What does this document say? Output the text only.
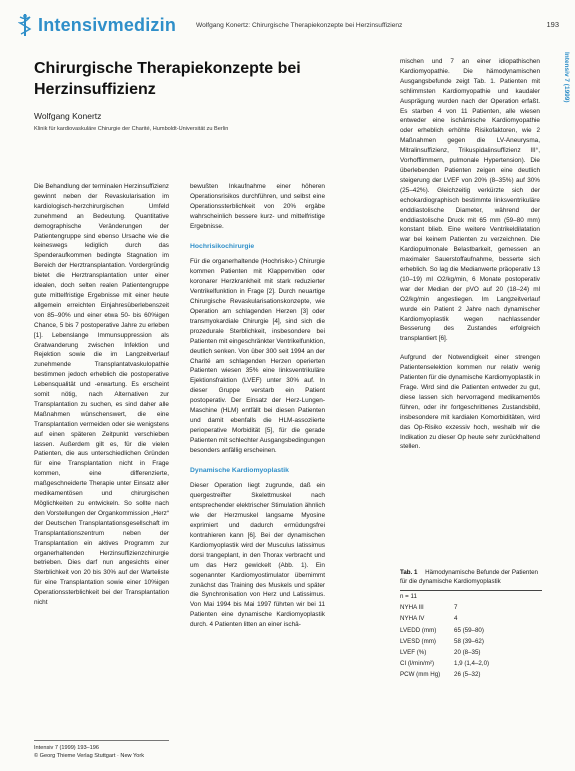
Intensivmedizin	Wolfgang Konertz: Chirurgische Therapiekonzepte bei Herzinsuffizienz	193
Intensiv 7 (1999)
Chirurgische Therapiekonzepte bei Herzinsuffizienz
Wolfgang Konertz
Klinik für kardiovaskuläre Chirurgie der Charité, Humboldt-Universität zu Berlin

Die Behandlung der terminalen Herzinsuffizienz gewinnt neben der Revaskularisation im kardiologisch-herzchirurgischen Umfeld zunehmend an Bedeutung. Quantitative demographische Veränderungen der Patientengruppe sind ebenso Ursache wie die keineswegs lediglich durch das Spenderaufkommen bedingte Stagnation im Bereich der Herztransplantation. Vordergründig bietet die Herztransplantation unter einer idealen, doch selten realen Patientengruppe gute mittelfristige Ergebnisse mit einer heute allgemein erreichten Einjahresüberlebenszeit von 85–90% und einer etwa 50- bis 60%igen Chance, 5 bis 7 postoperative Jahre zu erleben [1]. Lebenslange Immunsuppression als Gratwanderung zwischen Infektion und Rejektion sowie die im Langzeitverlauf zunehmende Transplantatvaskulopathie bestimmen jedoch erheblich die postoperative Lebensqualität und -erwartung. Es erscheint somit nötig, nach Alternativen zur Transplantation zu suchen, es sind daher alle Maßnahmen wünschenswert, die eine Transplantation vermeiden oder sie wenigstens auf einen späteren Zeitpunkt verschieben lassen. Außerdem gilt es, für die vielen Patienten, die aus unterschiedlichen Gründen für eine Transplantation nicht in Frage kommen, eine differenzierte, maßgeschneiderte Therapie unter Einsatz aller medikamentösen und chirurgischen Möglichkeiten zu entwickeln. So sollte nach den Vorstellungen der Organkommission „Herz“ der Deutschen Transplantationsgesellschaft im Transplantationszentrum neben der Transplantation ein aktives Programm zur organerhaltenden Herzinsuffizienzchirurgie betrieben. Dies darf nun angesichts einer Sterblichkeit von 20 bis 30% auf der Warteliste für eine Transplantation sowie einer 10%igen Operationssterblichkeit bei der Transplantation nicht

Intensiv 7 (1999) 193–196
© Georg Thieme Verlag Stuttgart · New York

bewußten Inkaufnahme einer höheren Operationsrisikos durchführen, und selbst eine Operationssterblichkeit von 20% ergäbe wahrscheinlich bessere kurz- und mittelfristige Ergebnisse.

Hochrisikochirurgie

Für die organerhaltende (Hochrisiko-) Chirurgie kommen Patienten mit Klappenvitien oder koronarer Herzkrankheit mit stark reduzierter Ventrikelfunktion in Frage [2]. Durch neuartige Chirurgische Revaskularisationskonzepte, wie Operation am schlagenden Herzen [3] oder transmyokardiale Chirurgie [4], sind sich die prozedurale Sterblichkeit, insbesondere bei Patienten mit eingeschränkter Ventrikelfunktion, deutlich senken. Von über 300 seit 1994 an der Charité am schlagenden Herzen operierten Patienten wiesen 35% eine linksventrikuläre Ejektionsfraktion (LVEF) unter 30% auf. In dieser Gruppe verstarb ein Patient postoperativ. Der Einsatz der Herz-Lungen-Maschine (HLM) entfällt bei diesen Patienten und damit ebenfalls die HLM-assoziierte perioperative Morbidität [5], für die gerade Patienten mit schlechter Ausgangsbedingungen besonders anfällig erscheinen.

Dynamische Kardiomyoplastik

Dieser Operation liegt zugrunde, daß ein quergestreifter Skelettmuskel nach entsprechender elektrischer Stimulation ähnlich wie der Herzmuskel langsame Myosine exprimiert und dadurch ermüdungsfrei kontrahieren kann [6]. Bei der dynamischen Kardiomyoplastik wird der Musculus latissimus dorsi trangeplant, in den Thorax verbracht und um das Herz gewickelt (Abb. 1). Ein sogenannter Kardiomyostimulator übernimmt zunächst das Training des Muskels und später die Synchronisation von Herz und Latissimus. Von Mai 1994 bis Mai 1997 führten wir bei 11 Patienten eine dynamische Kardiomyoplastik durch. 4 Patienten litten an einer ischä-

mischen und 7 an einer idiopathischen Kardiomyopathie. Die hämodynamischen Ausgangsbefunde zeigt Tab. 1. Patienten mit schlimmsten Kardiomyopathie und kaudaler Ausprägung wurden nach der Operation erfaßt. Es starben 4 von 11 Patienten, alle wiesen entweder eine ischämische Kardiomyopathie oder erheblich erhöhte Risikofaktoren, wie 2 Maßnahmen gegen die LV-Aneurysma, Mitralinsuffizienz, Trikuspidalinsuffizienz III°, Vorhofflimmern, pulmonale Hypertension). Die überlebenden Patienten zeigen eine deutlich steigerung der LVEF von 20% (8–35%) auf 30% (25–42%). Gleichzeitig verkürzte sich der echokardiographisch bestimmte linksventrikuläre enddiastolische Diameter, während der enddiastolische Druck mit 65 mm (59–80 mm) konstant blieb. Eine weitere Ventrikeldilatation war bei keinem Patienten zu verzeichnen. Die Kardiopulmonale Belastbarkeit, gemessen an maximaler Sauerstoffaufnahme, besserte sich erheblich. So lag die Medianwerte präoperativ 13 (10–19) ml O2/kg/min, 6 Monate postoperativ war der Median der pVO auf 20 (18–24) ml O2/kg/min angestiegen. Im Langzeitverlauf wurde ein Patient 2 Jahre nach dynamischer Kardiomyoplastik wegen nachlassender Besserung des Zustandes erfolgreich transplantiert [6].

Aufgrund der Notwendigkeit einer strengen Patientenselektion kommen nur relativ wenig Patienten für die dynamische Kardiomyoplastik in Frage. Wird sind die Patienten entweder zu gut, diese lassen sich hervorragend medikamentös führen, oder ihr fortgeschrittenes Zustandsbild, insbesondere mit kardialen Komorbiditäten, wird das Op-Risiko exzessiv hoch, weshalb wir die Indikation zu dieser Op heute sehr zurückhaltend stellen.

Tab. 1 Hämodynamische Befunde der Patienten für die dynamische Kardiomyoplastik
n = 11
NYHA III	7
NYHA IV	4
LVEDD (mm)	65 (59–80)
LVESD (mm)	58 (39–62)
LVEF (%)	20 (8–35)
CI (l/min/m²)	1,9 (1,4–2,0)
PCW (mm Hg)	26 (5–32)
